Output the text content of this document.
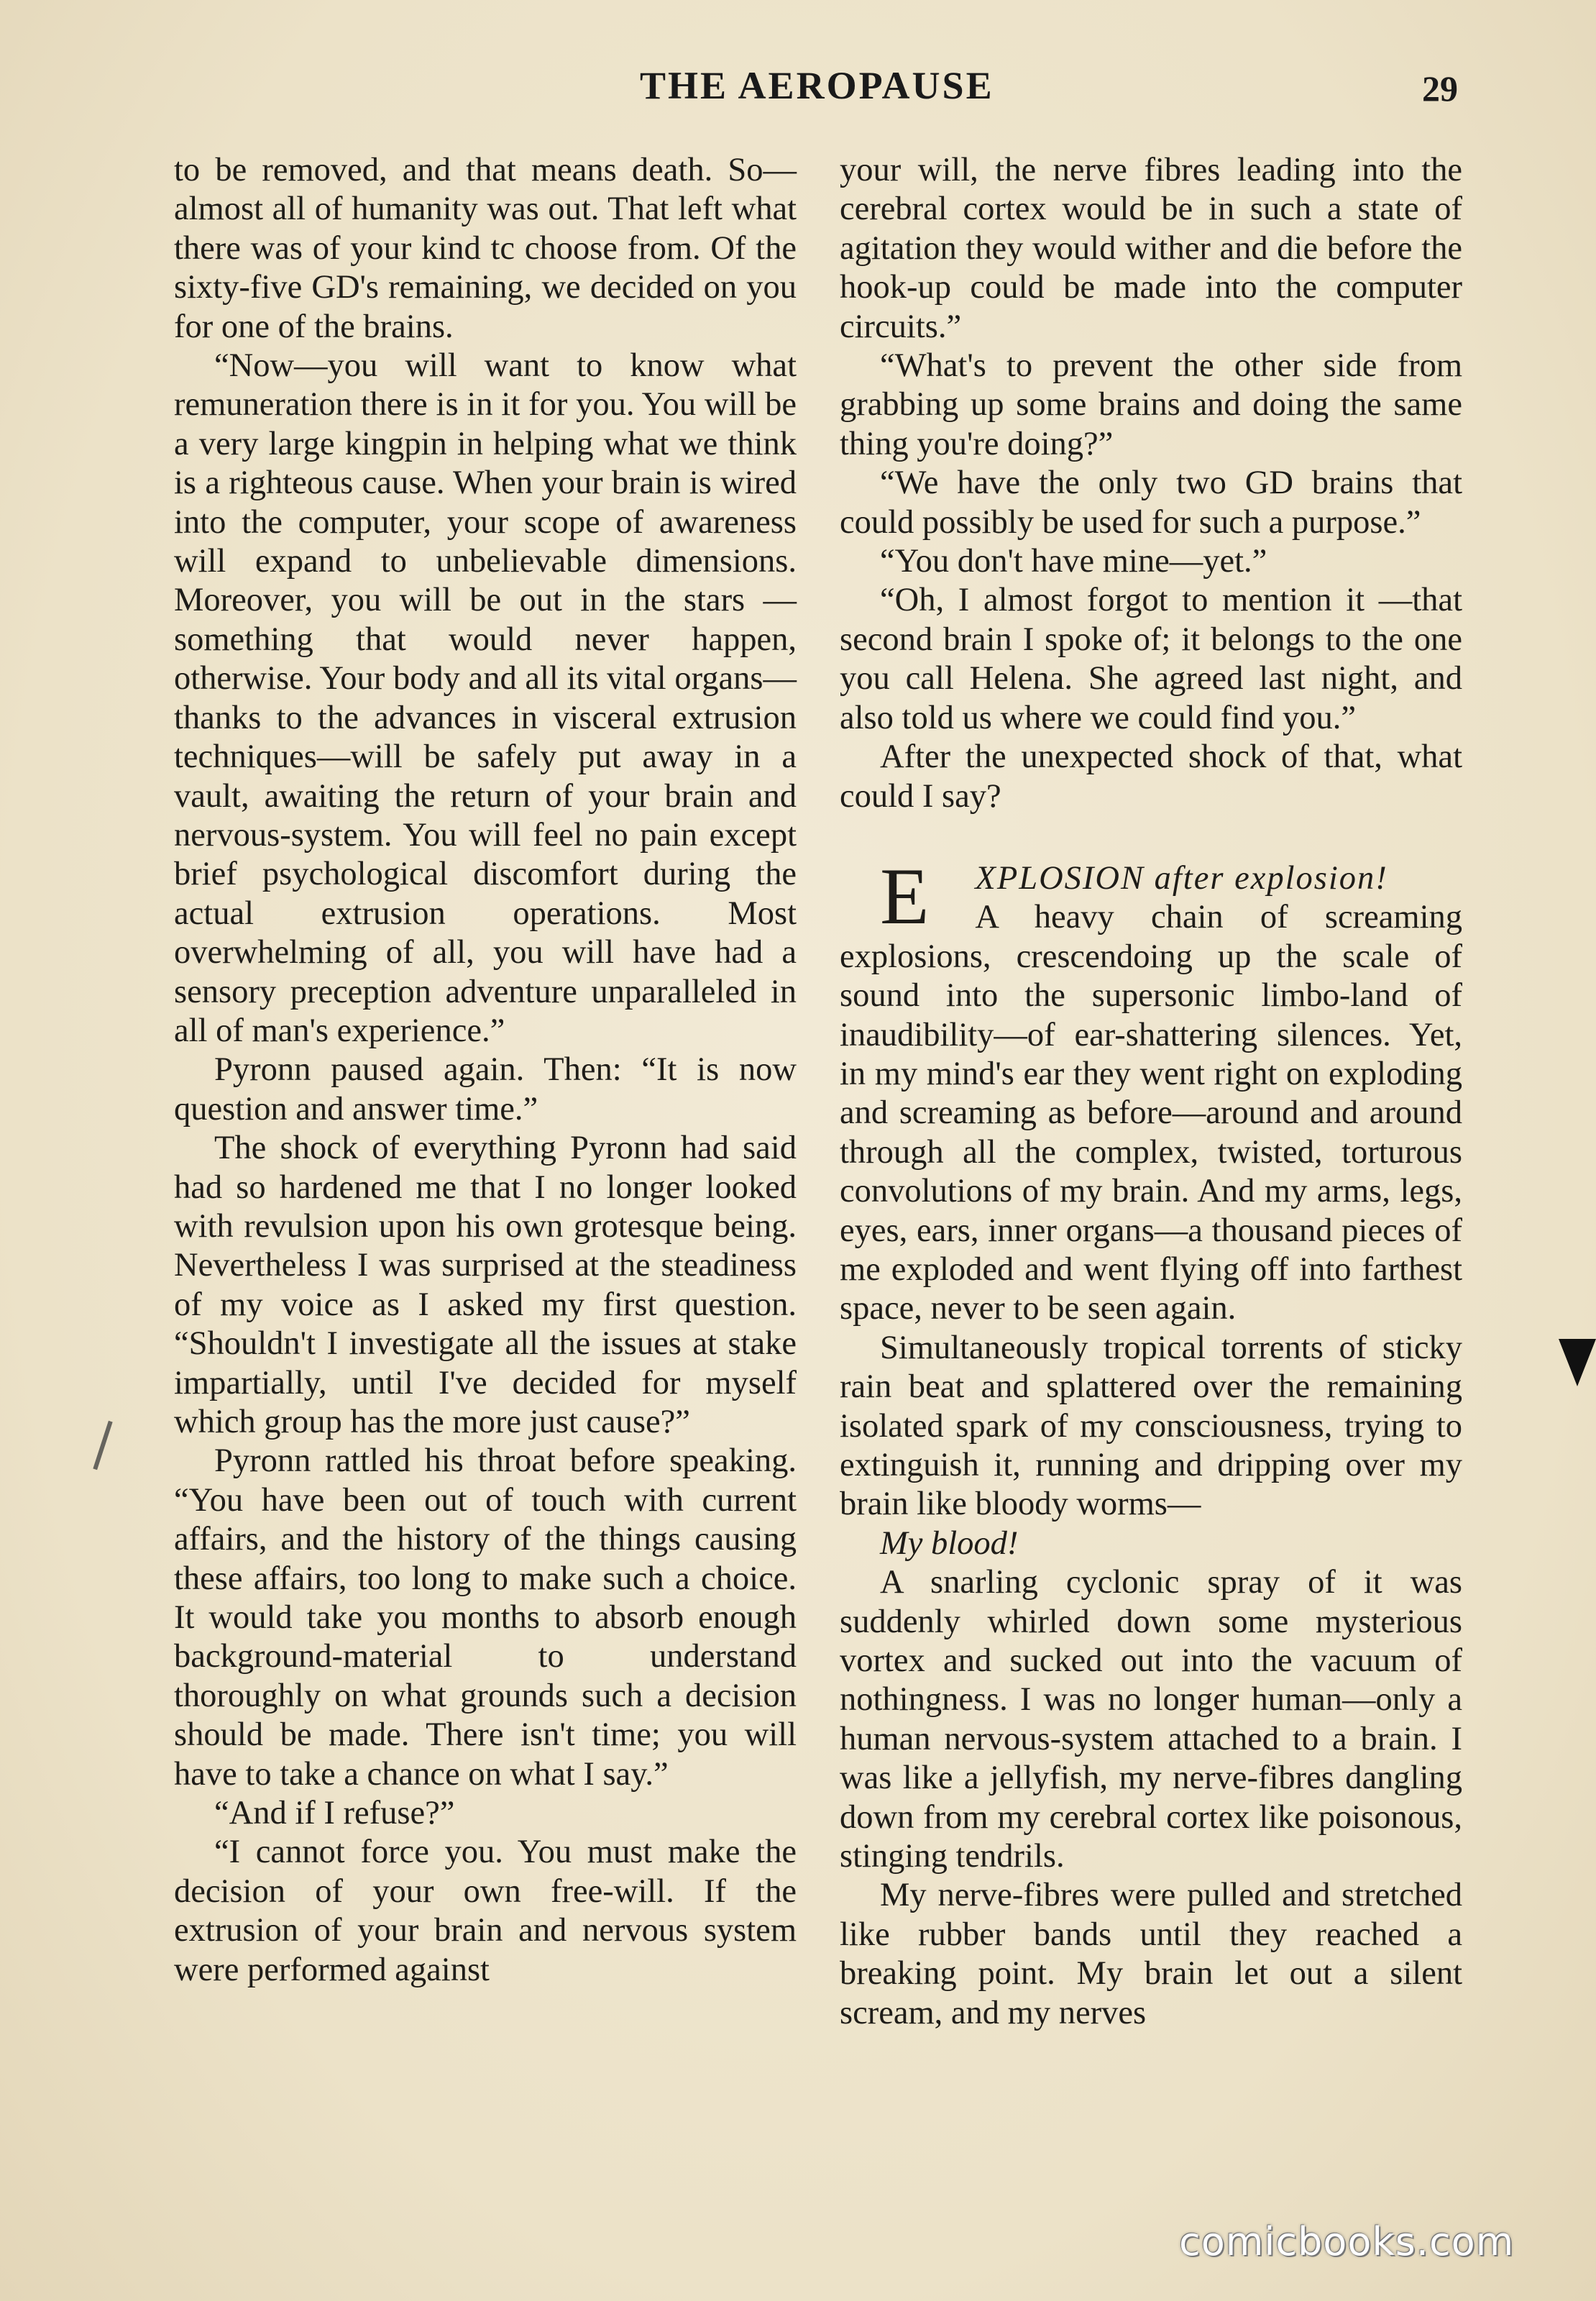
THE AEROPAUSE	29

to be removed, and that means death. So—almost all of humanity was out. That left what there was of your kind tc choose from. Of the sixty-five GD's remaining, we decided on you for one of the brains.

“Now—you will want to know what remuneration there is in it for you. You will be a very large kingpin in helping what we think is a righteous cause. When your brain is wired into the computer, your scope of awareness will expand to unbelievable dimensions. Moreover, you will be out in the stars —something that would never happen, otherwise. Your body and all its vital organs—thanks to the advances in visceral extrusion techniques—will be safely put away in a vault, awaiting the return of your brain and nervous-system. You will feel no pain except brief psychological discomfort during the actual extrusion operations. Most overwhelming of all, you will have had a sensory preception adventure unparalleled in all of man's experience.”

Pyronn paused again. Then: “It is now question and answer time.”

The shock of everything Pyronn had said had so hardened me that I no longer looked with revulsion upon his own grotesque being. Nevertheless I was surprised at the steadiness of my voice as I asked my first question. “Shouldn't I investigate all the issues at stake impartially, until I've decided for myself which group has the more just cause?”

Pyronn rattled his throat before speaking. “You have been out of touch with current affairs, and the history of the things causing these affairs, too long to make such a choice. It would take you months to absorb enough background-material to understand thoroughly on what grounds such a decision should be made. There isn't time; you will have to take a chance on what I say.”

“And if I refuse?”

“I cannot force you. You must make the decision of your own free-will. If the extrusion of your brain and nervous system were performed against

your will, the nerve fibres leading into the cerebral cortex would be in such a state of agitation they would wither and die before the hook-up could be made into the computer circuits.”

“What's to prevent the other side from grabbing up some brains and doing the same thing you're doing?”

“We have the only two GD brains that could possibly be used for such a purpose.”

“You don't have mine—yet.”

“Oh, I almost forgot to mention it —that second brain I spoke of; it belongs to the one you call Helena. She agreed last night, and also told us where we could find you.”

After the unexpected shock of that, what could I say?

E XPLOSION after explosion!

A heavy chain of screaming explosions, crescendoing up the scale of sound into the supersonic limbo-land of inaudibility—of ear-shattering silences. Yet, in my mind's ear they went right on exploding and screaming as before—around and around through all the complex, twisted, torturous convolutions of my brain. And my arms, legs, eyes, ears, inner organs—a thousand pieces of me exploded and went flying off into farthest space, never to be seen again.

Simultaneously tropical torrents of sticky rain beat and splattered over the remaining isolated spark of my consciousness, trying to extinguish it, running and dripping over my brain like bloody worms—

My blood!

A snarling cyclonic spray of it was suddenly whirled down some mysterious vortex and sucked out into the vacuum of nothingness. I was no longer human—only a human nervous-system attached to a brain. I was like a jellyfish, my nerve-fibres dangling down from my cerebral cortex like poisonous, stinging tendrils.

My nerve-fibres were pulled and stretched like rubber bands until they reached a breaking point. My brain let out a silent scream, and my nerves

comicbooks.com
